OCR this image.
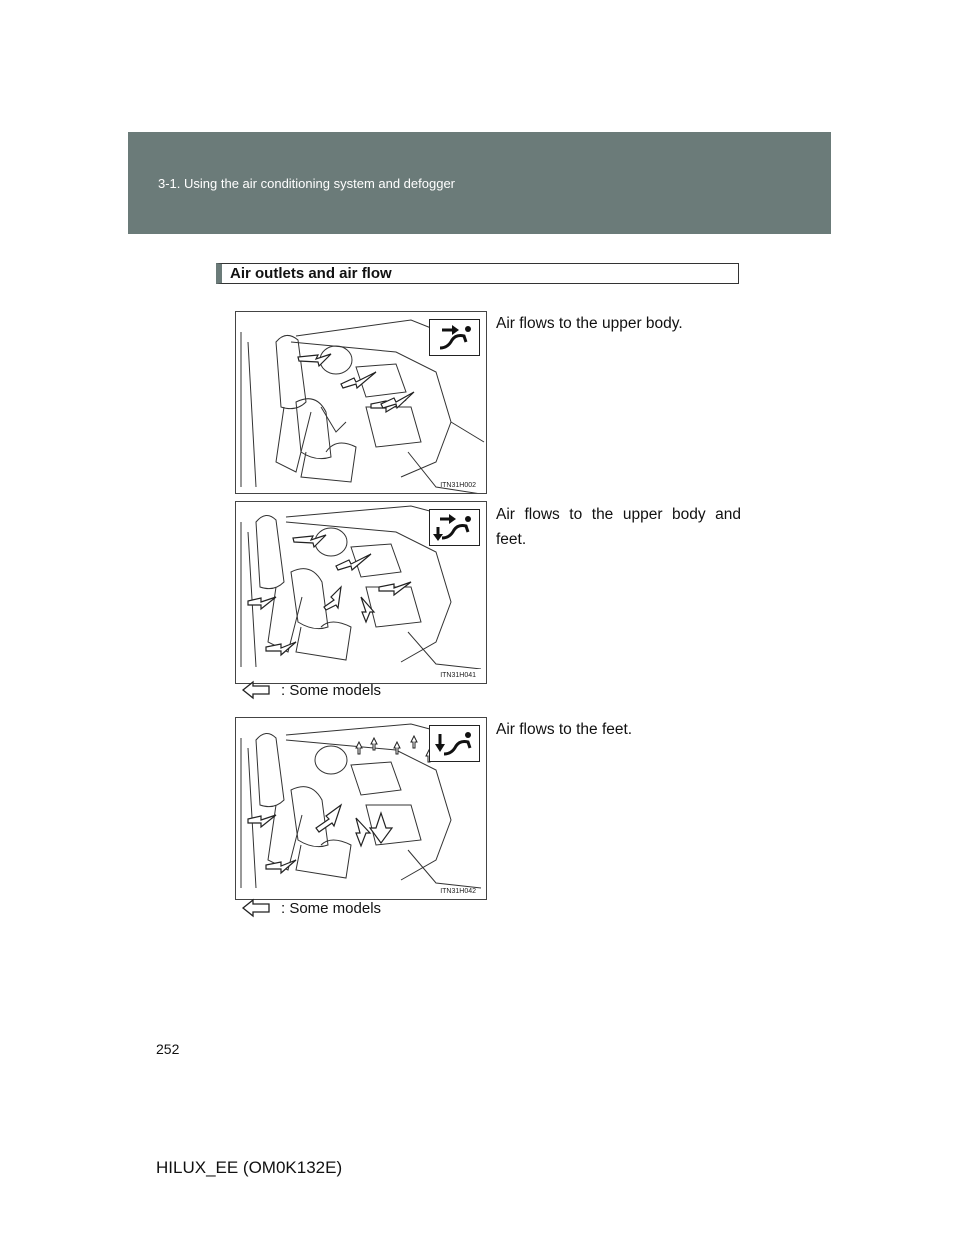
3-1. Using the air conditioning system and defogger
Air outlets and air flow
ITN31H002
Air flows to the upper body.
ITN31H041
Air flows to the upper body and feet.
: Some models
ITN31H042
Air flows to the feet.
: Some models
252
HILUX_EE (OM0K132E)
